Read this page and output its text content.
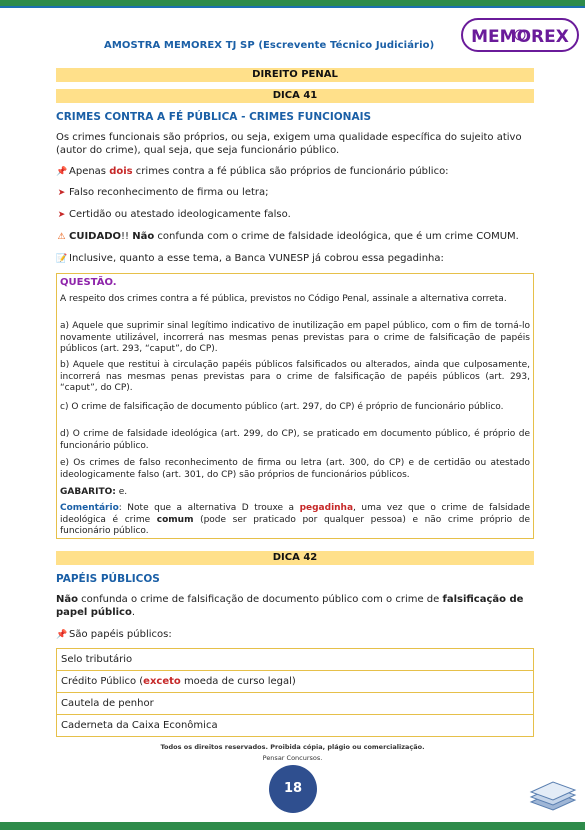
AMOSTRA MEMOREX TJ SP (Escrevente Técnico Judiciário) MEMOREX
DIREITO PENAL
DICA 41
CRIMES CONTRA A FÉ PÚBLICA - CRIMES FUNCIONAIS
Os crimes funcionais são próprios, ou seja, exigem uma qualidade específica do sujeito ativo (autor do crime), qual seja, que seja funcionário público.
📌 Apenas dois crimes contra a fé pública são próprios de funcionário público:
➤ Falso reconhecimento de firma ou letra;
➤ Certidão ou atestado ideologicamente falso.
⚠ CUIDADO!! Não confunda com o crime de falsidade ideológica, que é um crime COMUM.
📝 Inclusive, quanto a esse tema, a Banca VUNESP já cobrou essa pegadinha:
QUESTÃO.
A respeito dos crimes contra a fé pública, previstos no Código Penal, assinale a alternativa correta.
a) Aquele que suprimir sinal legítimo indicativo de inutilização em papel público, com o fim de torná-lo novamente utilizável, incorrerá nas mesmas penas previstas para o crime de falsificação de papéis públicos (art. 293, “caput”, do CP).
b) Aquele que restitui à circulação papéis públicos falsificados ou alterados, ainda que culposamente, incorrerá nas mesmas penas previstas para o crime de falsificação de papéis públicos (art. 293, “caput”, do CP).
c) O crime de falsificação de documento público (art. 297, do CP) é próprio de funcionário público.
d) O crime de falsidade ideológica (art. 299, do CP), se praticado em documento público, é próprio de funcionário público.
e) Os crimes de falso reconhecimento de firma ou letra (art. 300, do CP) e de certidão ou atestado ideologicamente falso (art. 301, do CP) são próprios de funcionários públicos.
GABARITO: e.
Comentário: Note que a alternativa D trouxe a pegadinha, uma vez que o crime de falsidade ideológica é crime comum (pode ser praticado por qualquer pessoa) e não crime próprio de funcionário público.
DICA 42
PAPÉIS PÚBLICOS
Não confunda o crime de falsificação de documento público com o crime de falsificação de papel público.
📌 São papéis públicos:
Selo tributário
Crédito Público (exceto moeda de curso legal)
Cautela de penhor
Caderneta da Caixa Econômica
Todos os direitos reservados. Proibida cópia, plágio ou comercialização.
Pensar Concursos.
18
